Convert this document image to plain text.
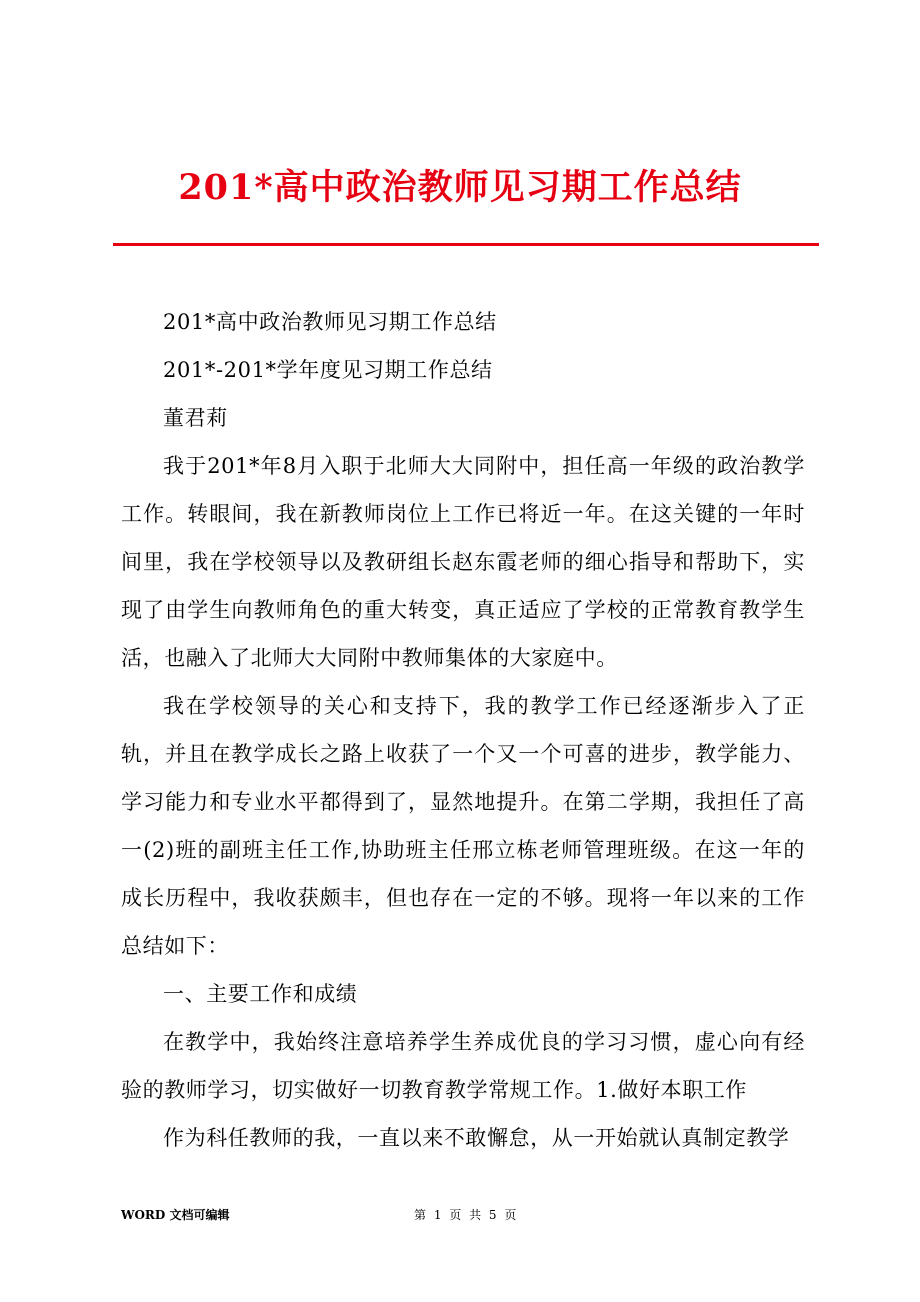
201*高中政治教师见习期工作总结

201*高中政治教师见习期工作总结

201*-201*学年度见习期工作总结

董君莉

我于201*年8月入职于北师大大同附中，担任高一年级的政治教学工作。转眼间，我在新教师岗位上工作已将近一年。在这关键的一年时间里，我在学校领导以及教研组长赵东霞老师的细心指导和帮助下，实现了由学生向教师角色的重大转变，真正适应了学校的正常教育教学生活，也融入了北师大大同附中教师集体的大家庭中。

我在学校领导的关心和支持下，我的教学工作已经逐渐步入了正轨，并且在教学成长之路上收获了一个又一个可喜的进步，教学能力、学习能力和专业水平都得到了，显然地提升。在第二学期，我担任了高一(2)班的副班主任工作,协助班主任邢立栋老师管理班级。在这一年的成长历程中，我收获颇丰，但也存在一定的不够。现将一年以来的工作总结如下：

一、主要工作和成绩

在教学中，我始终注意培养学生养成优良的学习习惯，虚心向有经验的教师学习，切实做好一切教育教学常规工作。1.做好本职工作

作为科任教师的我，一直以来不敢懈怠，从一开始就认真制定教学

WORD 文档可编辑	第 1 页 共 5 页
